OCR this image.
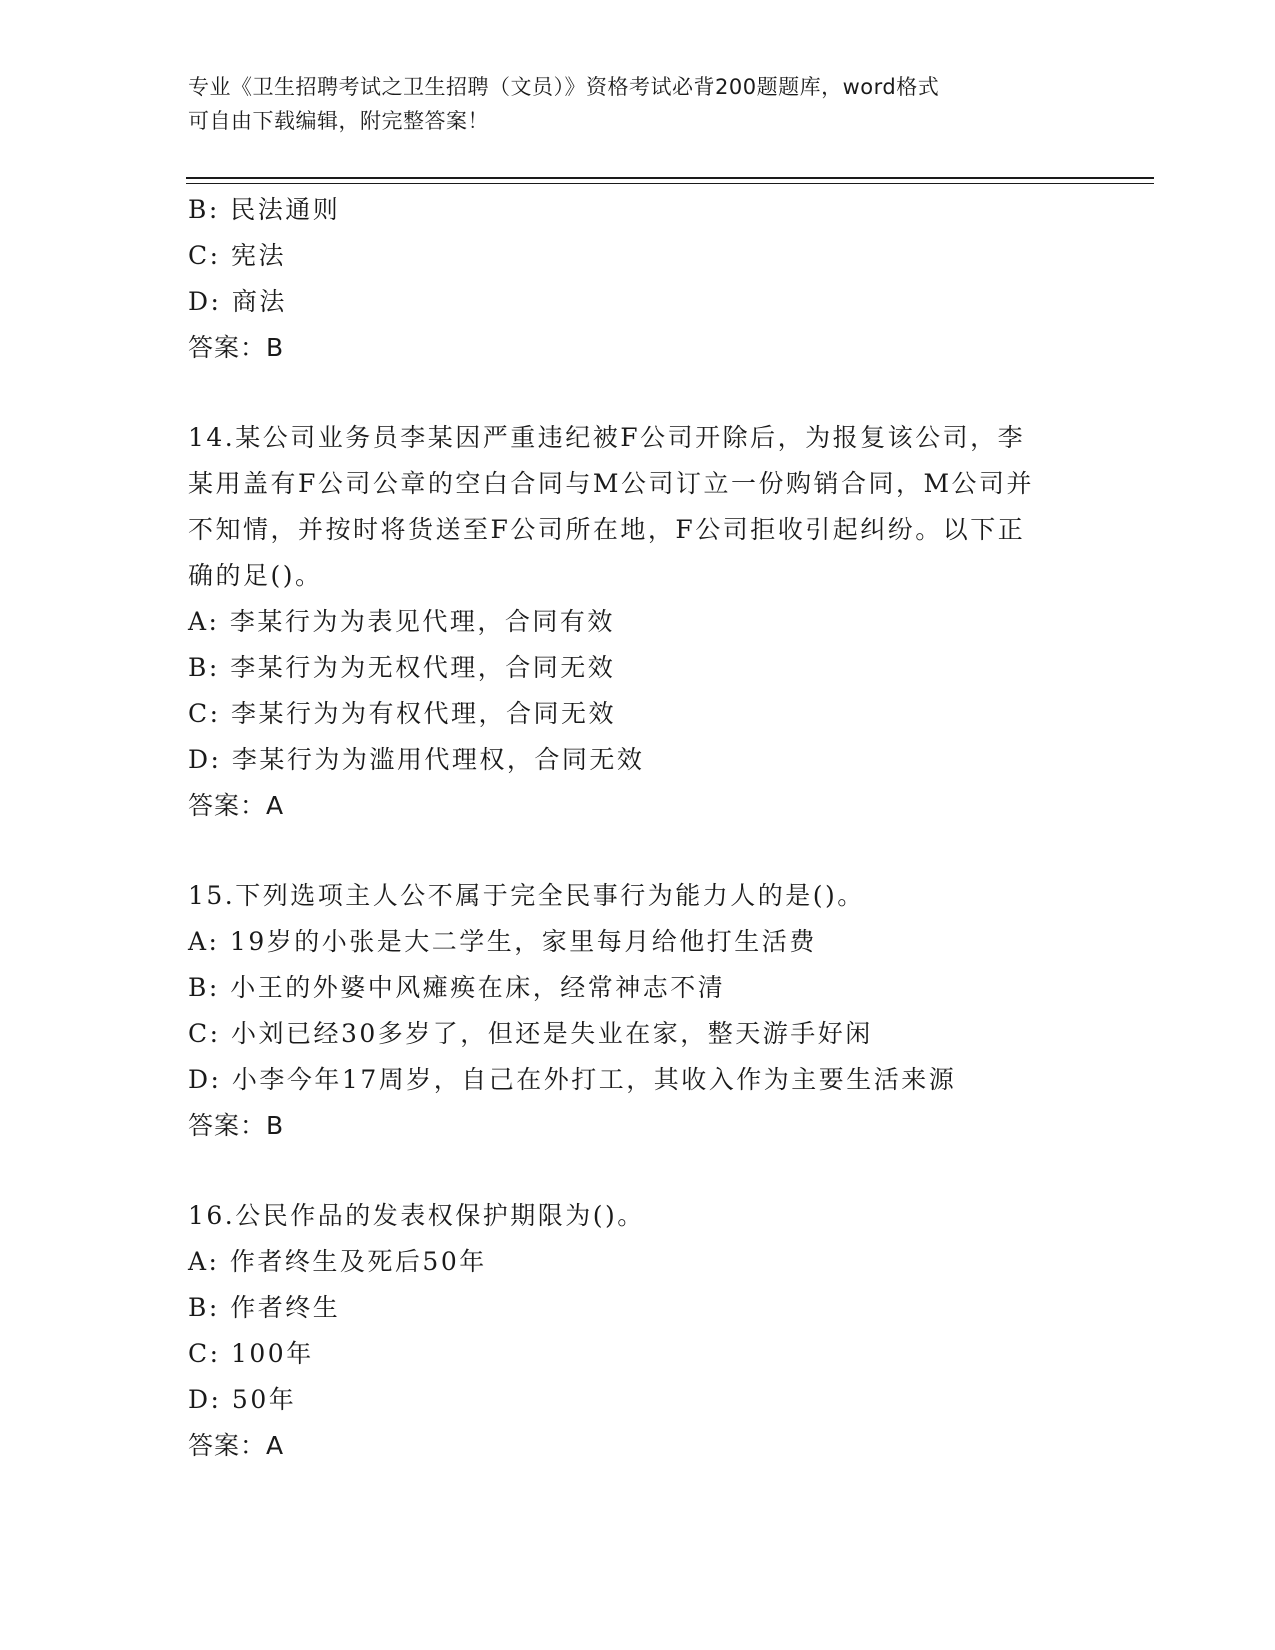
专业《卫生招聘考试之卫生招聘（文员）》资格考试必背200题题库，word格式
可自由下载编辑，附完整答案！
B: 民法通则
C: 宪法
D: 商法
答案：B
14.某公司业务员李某因严重违纪被F公司开除后，为报复该公司，李
某用盖有F公司公章的空白合同与M公司订立一份购销合同，M公司并
不知情，并按时将货送至F公司所在地，F公司拒收引起纠纷。以下正
确的足()。
A: 李某行为为表见代理，合同有效
B: 李某行为为无权代理，合同无效
C: 李某行为为有权代理，合同无效
D: 李某行为为滥用代理权，合同无效
答案：A
15.下列选项主人公不属于完全民事行为能力人的是()。
A: 19岁的小张是大二学生，家里每月给他打生活费
B: 小王的外婆中风瘫痪在床，经常神志不清
C: 小刘已经30多岁了，但还是失业在家，整天游手好闲
D: 小李今年17周岁，自己在外打工，其收入作为主要生活来源
答案：B
16.公民作品的发表权保护期限为()。
A: 作者终生及死后50年
B: 作者终生
C: 100年
D: 50年
答案：A
